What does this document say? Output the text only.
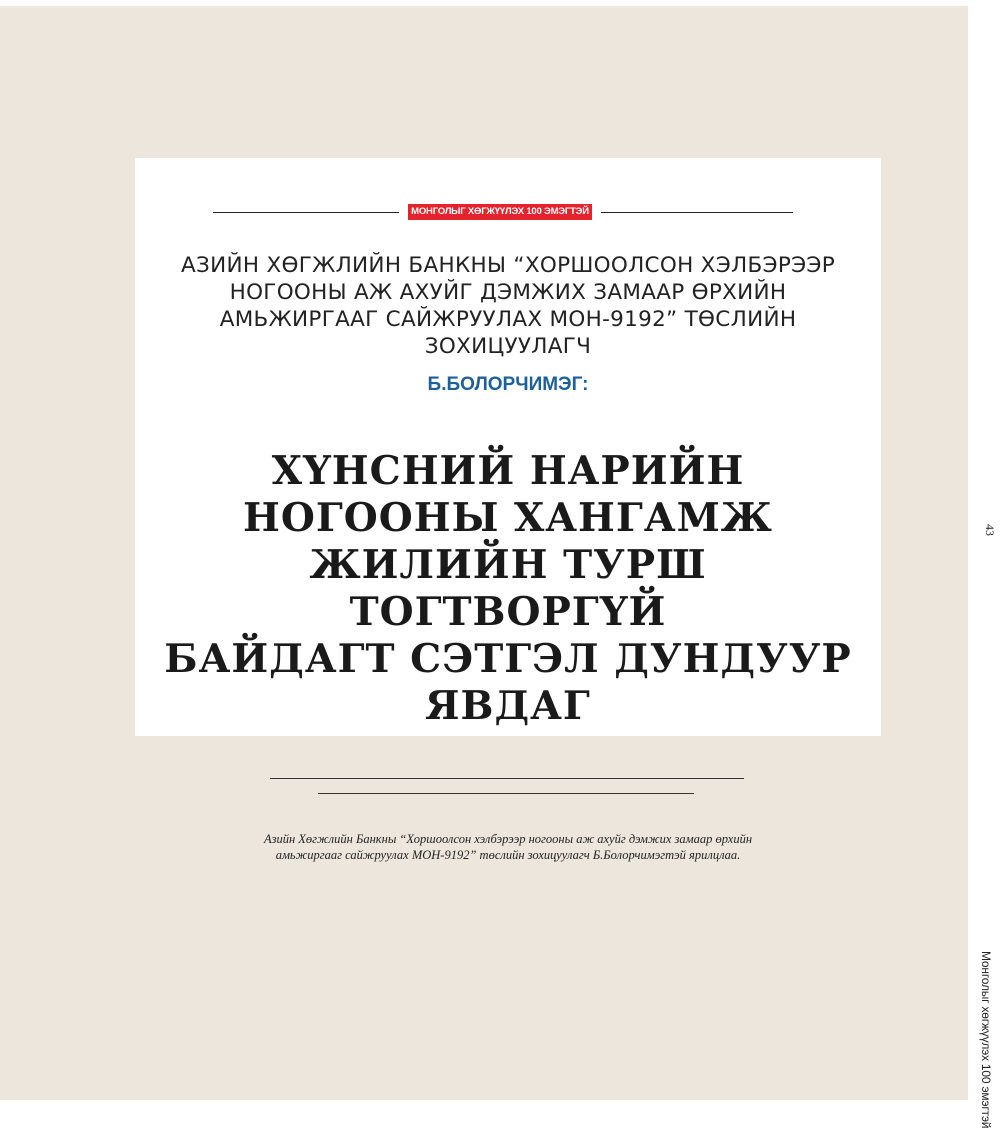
МОНГОЛЫГ ХӨГЖҮҮЛЭХ 100 ЭМЭГТЭЙ
АЗИЙН ХӨГЖЛИЙН БАНКНЫ “ХОРШООЛСОН ХЭЛБЭРЭЭР
НОГООНЫ АЖ АХУЙГ ДЭМЖИХ ЗАМААР ӨРХИЙН
АМЬЖИРГААГ САЙЖРУУЛАХ МОН-9192” ТӨСЛИЙН
ЗОХИЦУУЛАГЧ
Б.БОЛОРЧИМЭГ:
ХҮНСНИЙ НАРИЙН
НОГООНЫ ХАНГАМЖ
ЖИЛИЙН ТУРШ ТОГТВОРГҮЙ
БАЙДАГТ СЭТГЭЛ ДУНДУУР
ЯВДАГ
Азийн Хөгжлийн Банкны “Хоршоолсон хэлбэрээр ногооны аж ахуйг дэмжих замаар өрхийн
амьжиргааг сайжруулах МОН-9192” төслийн зохицуулагч Б.Болорчимэгтэй ярилцлаа.
43
Монголыг хөгжүүлэх 100 эмэгтэй
